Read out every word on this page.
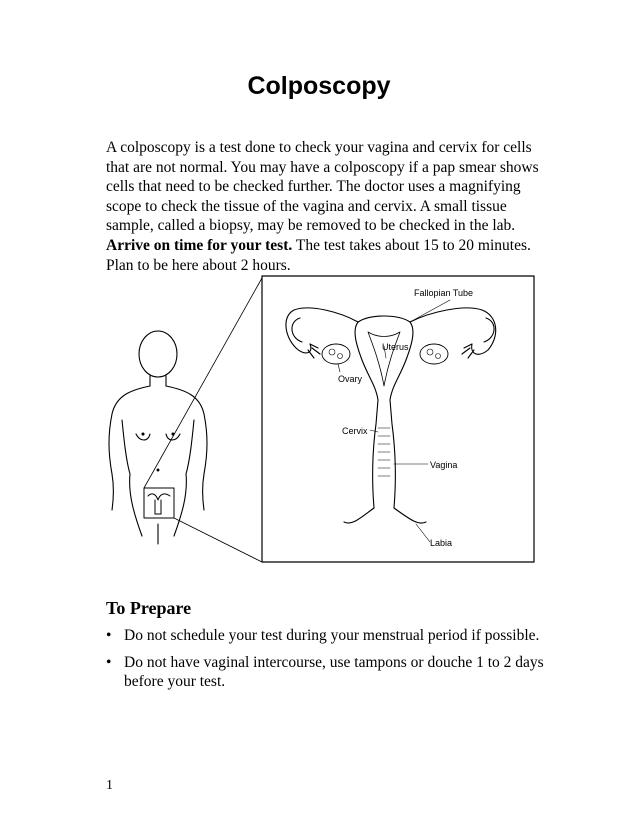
Colposcopy

A colposcopy is a test done to check your vagina and cervix for cells that are not normal. You may have a colposcopy if a pap smear shows cells that need to be checked further. The doctor uses a magnifying scope to check the tissue of the vagina and cervix. A small tissue sample, called a biopsy, may be removed to be checked in the lab.

Arrive on time for your test. The test takes about 15 to 20 minutes. Plan to be here about 2 hours.

Fallopian Tube
Uterus
Ovary
Cervix
Vagina
Labia
To Prepare
• Do not schedule your test during your menstrual period if possible.
• Do not have vaginal intercourse, use tampons or douche 1 to 2 days before your test.

1
